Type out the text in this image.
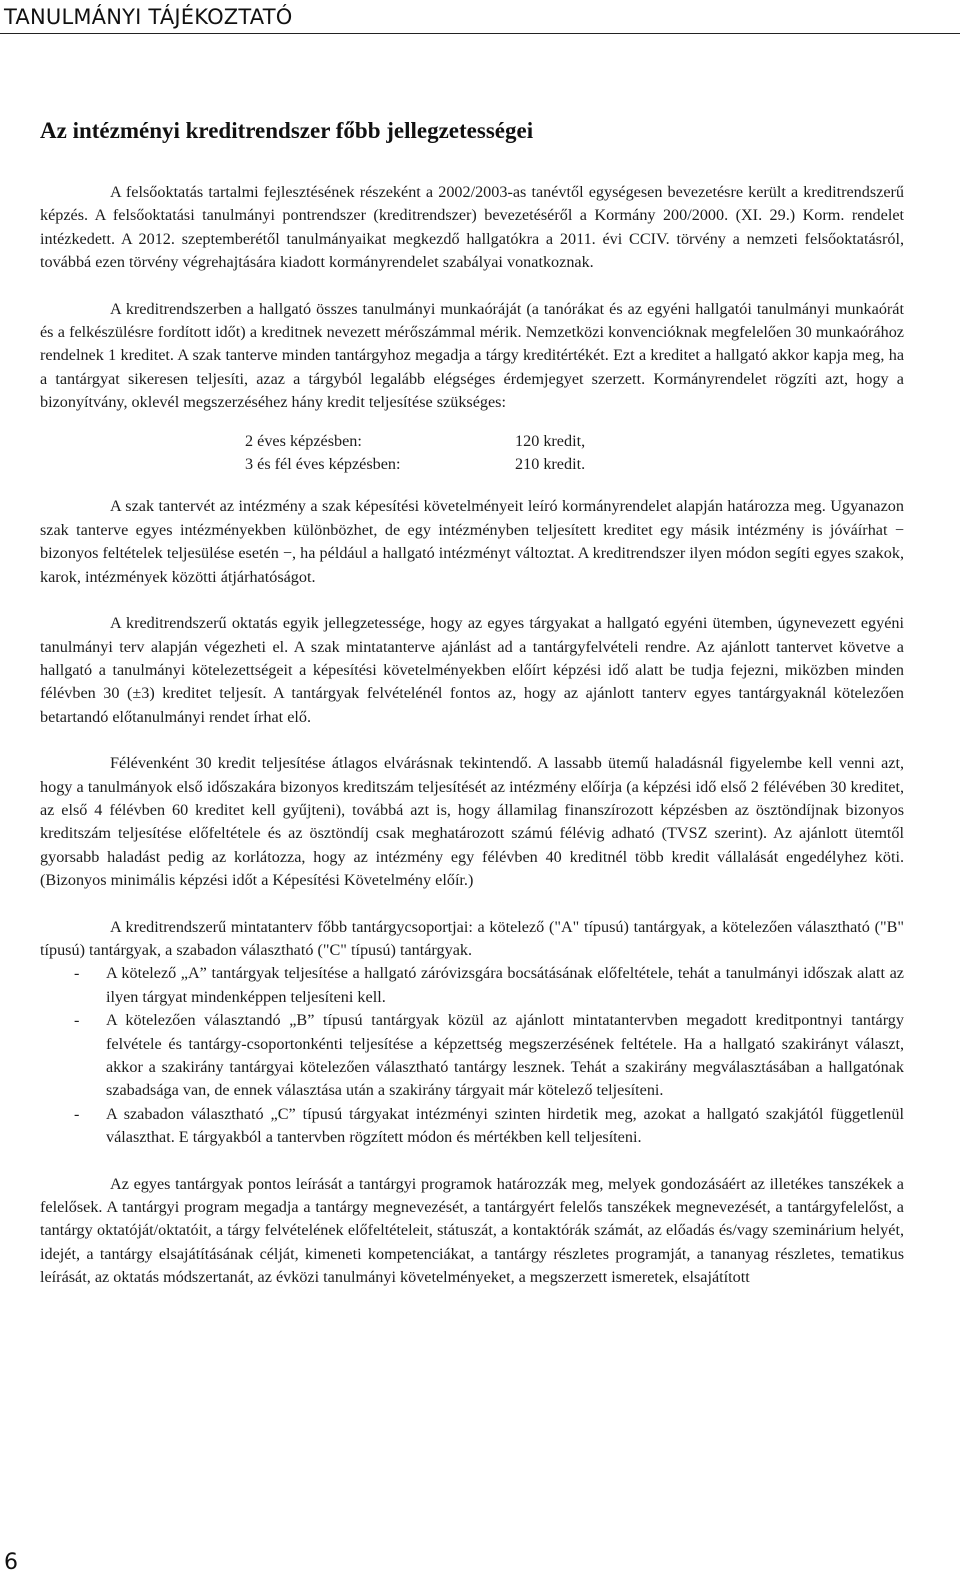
TANULMÁNYI TÁJÉKOZTATÓ
Az intézményi kreditrendszer főbb jellegzetességei

A felsőoktatás tartalmi fejlesztésének részeként a 2002/2003-as tanévtől egységesen bevezetésre került a kreditrendszerű képzés. A felsőoktatási tanulmányi pontrendszer (kreditrendszer) bevezetéséről a Kormány 200/2000. (XI. 29.) Korm. rendelet intézkedett. A 2012. szeptemberétől tanulmányaikat megkezdő hallgatókra a 2011. évi CCIV. törvény a nemzeti felsőoktatásról, továbbá ezen törvény végrehajtására kiadott kormányrendelet szabályai vonatkoznak.

A kreditrendszerben a hallgató összes tanulmányi munkaóráját (a tanórákat és az egyéni hallgatói tanulmányi munkaórát és a felkészülésre fordított időt) a kreditnek nevezett mérőszámmal mérik. Nemzetközi konvencióknak megfelelően 30 munkaórához rendelnek 1 kreditet. A szak tanterve minden tantárgyhoz megadja a tárgy kreditértékét. Ezt a kreditet a hallgató akkor kapja meg, ha a tantárgyat sikeresen teljesíti, azaz a tárgyból legalább elégséges érdemjegyet szerzett. Kormányrendelet rögzíti azt, hogy a bizonyítvány, oklevél megszerzéséhez hány kredit teljesítése szükséges:

2 éves képzésben:	120 kredit,
3 és fél éves képzésben:	210 kredit.

A szak tantervét az intézmény a szak képesítési követelményeit leíró kormányrendelet alapján határozza meg. Ugyanazon szak tanterve egyes intézményekben különbözhet, de egy intézményben teljesített kreditet egy másik intézmény is jóváírhat − bizonyos feltételek teljesülése esetén −, ha például a hallgató intézményt változtat. A kreditrendszer ilyen módon segíti egyes szakok, karok, intézmények közötti átjárhatóságot.

A kreditrendszerű oktatás egyik jellegzetessége, hogy az egyes tárgyakat a hallgató egyéni ütemben, úgynevezett egyéni tanulmányi terv alapján végezheti el. A szak mintatanterve ajánlást ad a tantárgyfelvételi rendre. Az ajánlott tantervet követve a hallgató a tanulmányi kötelezettségeit a képesítési követelményekben előírt képzési idő alatt be tudja fejezni, miközben minden félévben 30 (±3) kreditet teljesít. A tantárgyak felvételénél fontos az, hogy az ajánlott tanterv egyes tantárgyaknál kötelezően betartandó előtanulmányi rendet írhat elő.

Félévenként 30 kredit teljesítése átlagos elvárásnak tekintendő. A lassabb ütemű haladásnál figyelembe kell venni azt, hogy a tanulmányok első időszakára bizonyos kreditszám teljesítését az intézmény előírja (a képzési idő első 2 félévében 30 kreditet, az első 4 félévben 60 kreditet kell gyűjteni), továbbá azt is, hogy államilag finanszírozott képzésben az ösztöndíjnak bizonyos kreditszám teljesítése előfeltétele és az ösztöndíj csak meghatározott számú félévig adható (TVSZ szerint). Az ajánlott ütemtől gyorsabb haladást pedig az korlátozza, hogy az intézmény egy félévben 40 kreditnél több kredit vállalását engedélyhez köti. (Bizonyos minimális képzési időt a Képesítési Követelmény előír.)

A kreditrendszerű mintatanterv főbb tantárgycsoportjai: a kötelező ("A" típusú) tantárgyak, a kötelezően választható ("B" típusú) tantárgyak, a szabadon választható ("C" típusú) tantárgyak.

-	A kötelező „A” tantárgyak teljesítése a hallgató záróvizsgára bocsátásának előfeltétele, tehát a tanulmányi időszak alatt az ilyen tárgyat mindenképpen teljesíteni kell.
-	A kötelezően választandó „B” típusú tantárgyak közül az ajánlott mintatantervben megadott kreditpontnyi tantárgy felvétele és tantárgy-csoportonkénti teljesítése a képzettség megszerzésének feltétele. Ha a hallgató szakirányt választ, akkor a szakirány tantárgyai kötelezően választható tantárgy lesznek. Tehát a szakirány megválasztásában a hallgatónak szabadsága van, de ennek választása után a szakirány tárgyait már kötelező teljesíteni.
-	A szabadon választható „C” típusú tárgyakat intézményi szinten hirdetik meg, azokat a hallgató szakjától függetlenül választhat. E tárgyakból a tantervben rögzített módon és mértékben kell teljesíteni.

Az egyes tantárgyak pontos leírását a tantárgyi programok határozzák meg, melyek gondozásáért az illetékes tanszékek a felelősek. A tantárgyi program megadja a tantárgy megnevezését, a tantárgyért felelős tanszékek megnevezését, a tantárgyfelelőst, a tantárgy oktatóját/oktatóit, a tárgy felvételének előfeltételeit, státuszát, a kontaktórák számát, az előadás és/vagy szeminárium helyét, idejét, a tantárgy elsajátításának célját, kimeneti kompetenciákat, a tantárgy részletes programját, a tananyag részletes, tematikus leírását, az oktatás módszertanát, az évközi tanulmányi követelményeket, a megszerzett ismeretek, elsajátított

6
